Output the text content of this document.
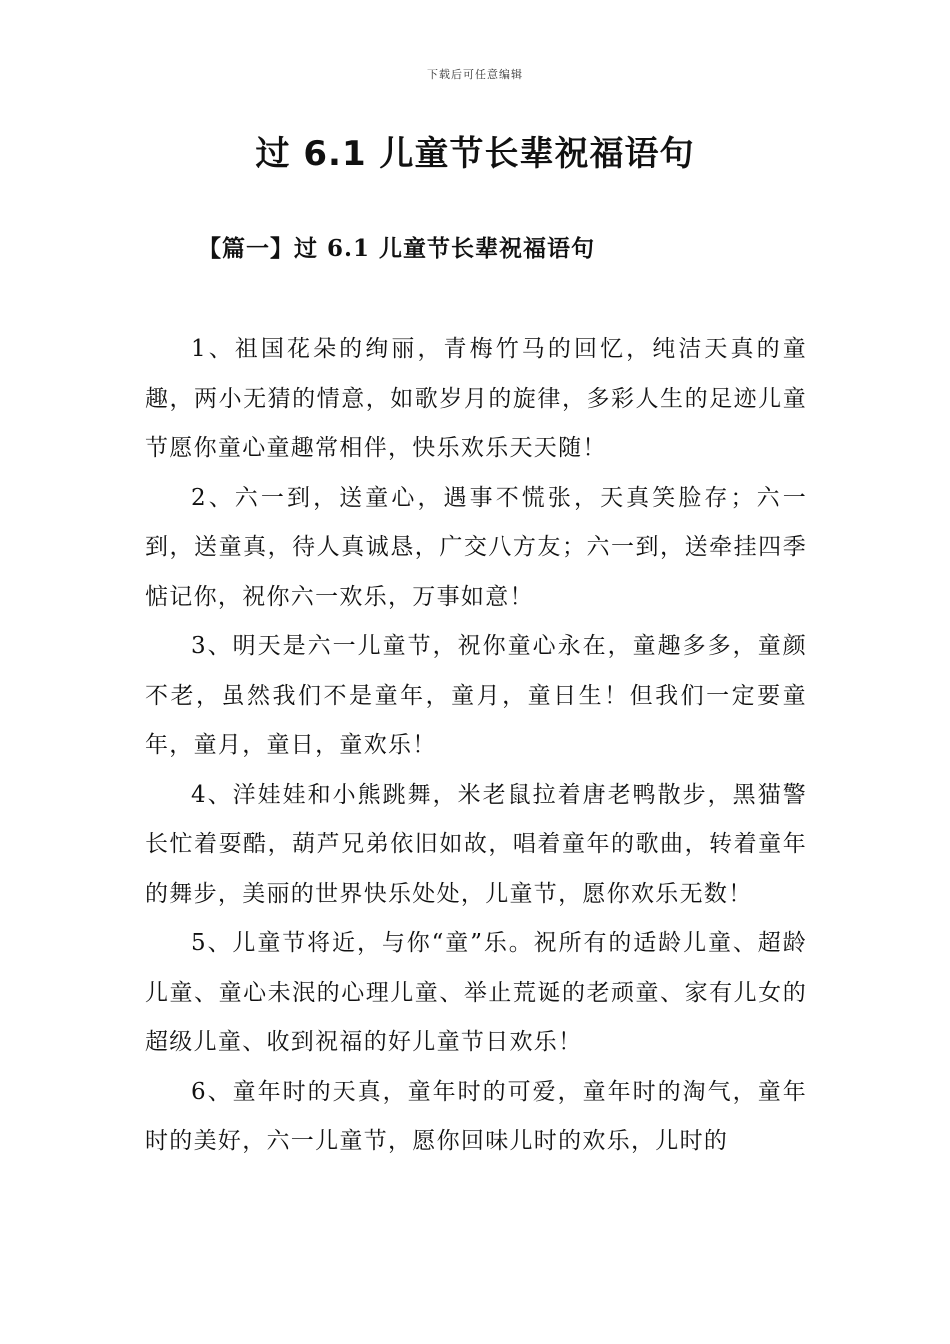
下载后可任意编辑
过 6.1 儿童节长辈祝福语句
【篇一】过 6.1 儿童节长辈祝福语句

1、祖国花朵的绚丽，青梅竹马的回忆，纯洁天真的童趣，两小无猜的情意，如歌岁月的旋律，多彩人生的足迹儿童节愿你童心童趣常相伴，快乐欢乐天天随！

2、六一到，送童心，遇事不慌张，天真笑脸存；六一到，送童真，待人真诚恳，广交八方友；六一到，送牵挂四季惦记你，祝你六一欢乐，万事如意！

3、明天是六一儿童节，祝你童心永在，童趣多多，童颜不老，虽然我们不是童年，童月，童日生！但我们一定要童年，童月，童日，童欢乐！

4、洋娃娃和小熊跳舞，米老鼠拉着唐老鸭散步，黑猫警长忙着耍酷，葫芦兄弟依旧如故，唱着童年的歌曲，转着童年的舞步，美丽的世界快乐处处，儿童节，愿你欢乐无数！

5、儿童节将近，与你“童”乐。祝所有的适龄儿童、超龄儿童、童心未泯的心理儿童、举止荒诞的老顽童、家有儿女的超级儿童、收到祝福的好儿童节日欢乐！

6、童年时的天真，童年时的可爱，童年时的淘气，童年时的美好，六一儿童节，愿你回味儿时的欢乐，儿时的
